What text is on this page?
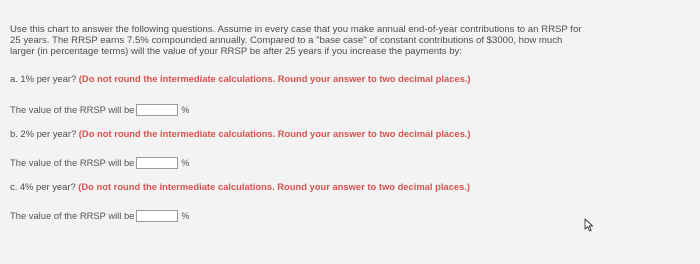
Use this chart to answer the following questions. Assume in every case that you make annual end-of-year contributions to an RRSP for

25 years. The RRSP earns 7.5% compounded annually. Compared to a "base case" of constant contributions of $3000, how much

larger (in percentage terms) will the value of your RRSP be after 25 years if you increase the payments by:

a. 1% per year? (Do not round the intermediate calculations. Round your answer to two decimal places.)
The value of the RRSP will be	%
b. 2% per year? (Do not round the intermediate calculations. Round your answer to two decimal places.)
The value of the RRSP will be	%
c. 4% per year? (Do not round the intermediate calculations. Round your answer to two decimal places.)
The value of the RRSP will be	%
